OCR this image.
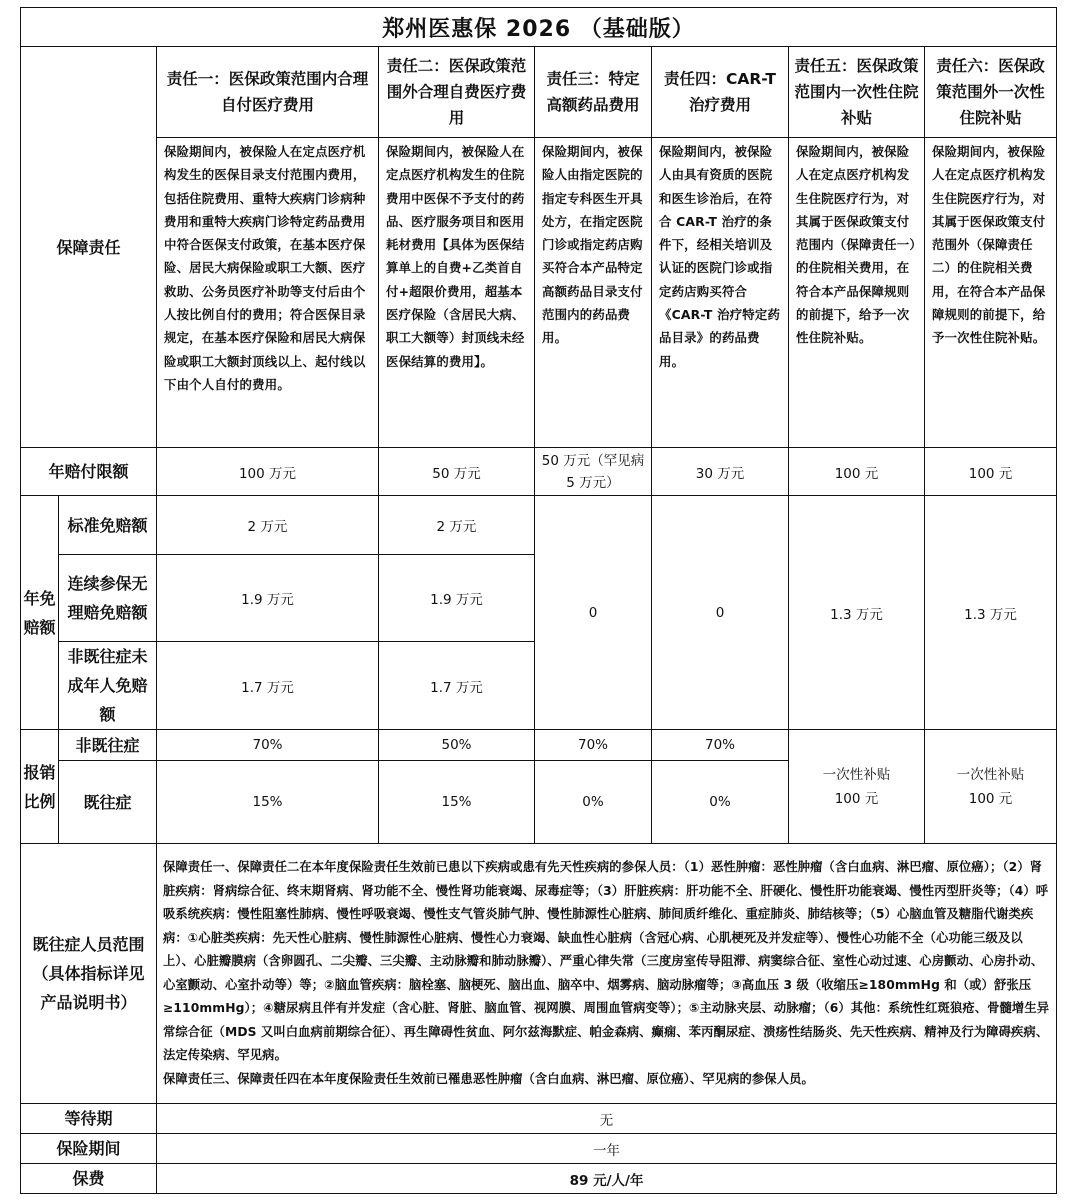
郑州医惠保 2026 （基础版）							
保障责任		责任一：医保政策范围内合理自付医疗费用	责任二：医保政策范围外合理自费医疗费用	责任三：特定高额药品费用	责任四：CAR-T 治疗费用	责任五：医保政策范围内一次性住院补贴	责任六：医保政策范围外一次性住院补贴
		保险期间内，被保险人在定点医疗机构发生的医保目录支付范围内费用，包括住院费用、重特大疾病门诊病种费用和重特大疾病门诊特定药品费用中符合医保支付政策，在基本医疗保险、居民大病保险或职工大额、医疗救助、公务员医疗补助等支付后由个人按比例自付的费用；符合医保目录规定，在基本医疗保险和居民大病保险或职工大额封顶线以上、起付线以下由个人自付的费用。	保险期间内，被保险人在定点医疗机构发生的住院费用中医保不予支付的药品、医疗服务项目和医用耗材费用【具体为医保结算单上的自费+乙类首自付+超限价费用，超基本医疗保险（含居民大病、职工大额等）封顶线未经医保结算的费用】。	保险期间内，被保险人由指定医院的指定专科医生开具处方，在指定医院门诊或指定药店购买符合本产品特定高额药品目录支付范围内的药品费用。	保险期间内，被保险人由具有资质的医院和医生诊治后，在符合 CAR-T 治疗的条件下，经相关培训及认证的医院门诊或指定药店购买符合《CAR-T 治疗特定药品目录》的药品费用。	保险期间内，被保险人在定点医疗机构发生住院医疗行为，对其属于医保政策支付范围内（保障责任一）的住院相关费用，在符合本产品保障规则的前提下，给予一次性住院补贴。	保险期间内，被保险人在定点医疗机构发生住院医疗行为，对其属于医保政策支付范围外（保障责任二）的住院相关费用，在符合本产品保障规则的前提下，给予一次性住院补贴。
年赔付限额		100 万元	50 万元	50 万元（罕见病 5 万元）	30 万元	100 元	100 元
年免赔额	标准免赔额	2 万元	2 万元	0	0	1.3 万元	1.3 万元
	连续参保无理赔免赔额	1.9 万元	1.9 万元				
	非既往症未成年人免赔额	1.7 万元	1.7 万元				
报销比例	非既往症	70%	50%	70%	70%	一次性补贴 100 元	一次性补贴 100 元
	既往症	15%	15%	0%	0%		
既往症人员范围（具体指标详见产品说明书）		保障责任一、保障责任二在本年度保险责任生效前已患以下疾病或患有先天性疾病的参保人员：（1）恶性肿瘤：恶性肿瘤（含白血病、淋巴瘤、原位癌）；（2）肾脏疾病：肾病综合征、终末期肾病、肾功能不全、慢性肾功能衰竭、尿毒症等；（3）肝脏疾病：肝功能不全、肝硬化、慢性肝功能衰竭、慢性丙型肝炎等；（4）呼吸系统疾病：慢性阻塞性肺病、慢性呼吸衰竭、慢性支气管炎肺气肿、慢性肺源性心脏病、肺间质纤维化、重症肺炎、肺结核等；（5）心脑血管及糖脂代谢类疾病：①心脏类疾病：先天性心脏病、慢性肺源性心脏病、慢性心力衰竭、缺血性心脏病（含冠心病、心肌梗死及并发症等）、慢性心功能不全（心功能三级及以上）、心脏瓣膜病（含卵圆孔、二尖瓣、三尖瓣、主动脉瓣和肺动脉瓣）、严重心律失常（三度房室传导阻滞、病窦综合征、室性心动过速、心房颤动、心房扑动、心室颤动、心室扑动等）等；②脑血管疾病：脑栓塞、脑梗死、脑出血、脑卒中、烟雾病、脑动脉瘤等；③高血压 3 级（收缩压≥180mmHg 和（或）舒张压≥110mmHg）；④糖尿病且伴有并发症（含心脏、肾脏、脑血管、视网膜、周围血管病变等）；⑤主动脉夹层、动脉瘤；（6）其他：系统性红斑狼疮、骨髓增生异常综合征（MDS 又叫白血病前期综合征）、再生障碍性贫血、阿尔兹海默症、帕金森病、癫痫、苯丙酮尿症、溃疡性结肠炎、先天性疾病、精神及行为障碍疾病、法定传染病、罕见病。
保障责任三、保障责任四在本年度保险责任生效前已罹患恶性肿瘤（含白血病、淋巴瘤、原位癌）、罕见病的参保人员。					

等待期		无					
保险期间		一年					
保费		89 元/人/年					
